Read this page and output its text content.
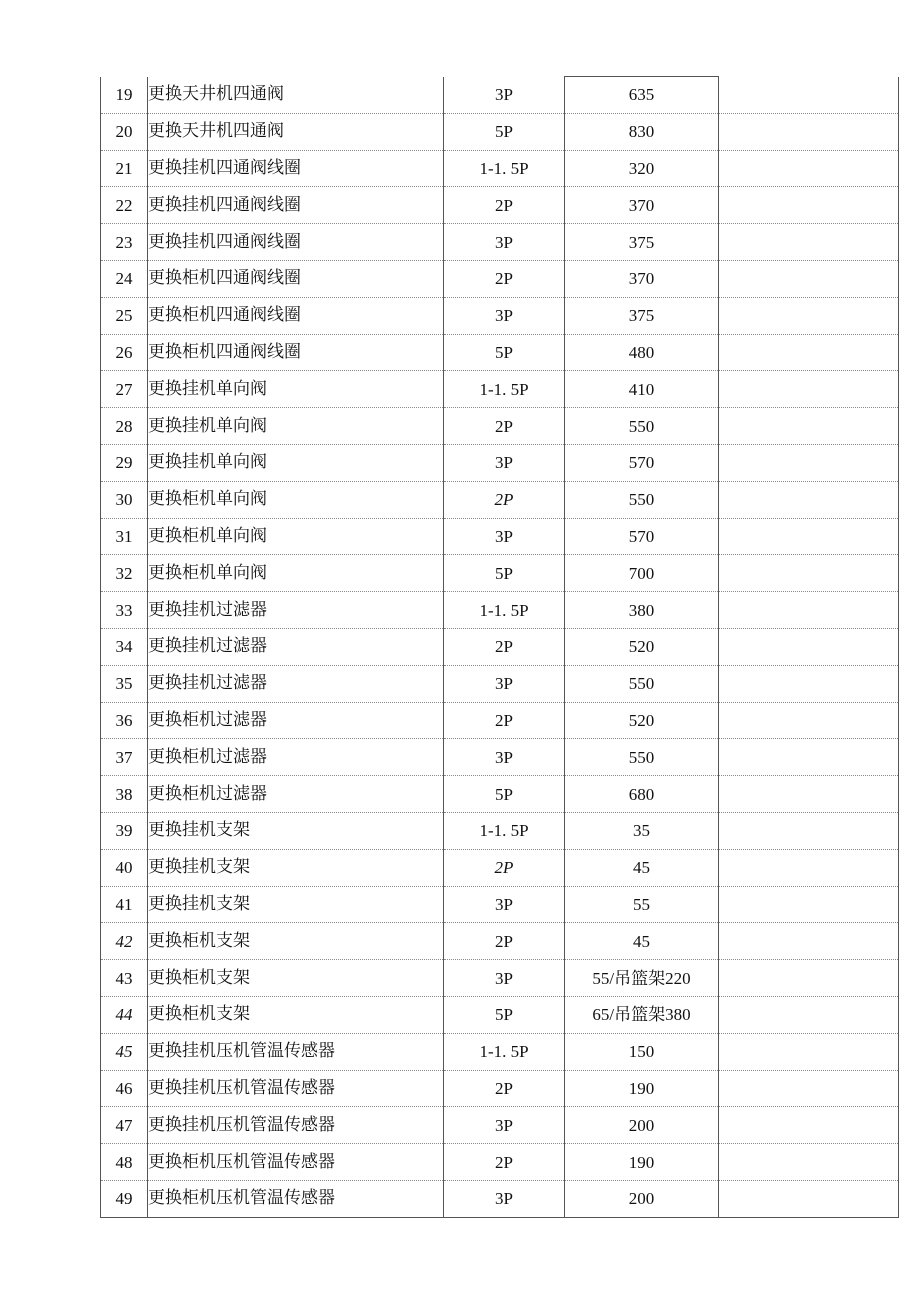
19	更换天井机四通阀	3P	635	
20	更换天井机四通阀	5P	830	
21	更换挂机四通阀线圈	1-1. 5P	320	
22	更换挂机四通阀线圈	2P	370	
23	更换挂机四通阀线圈	3P	375	
24	更换柜机四通阀线圈	2P	370	
25	更换柜机四通阀线圈	3P	375	
26	更换柜机四通阀线圈	5P	480	
27	更换挂机单向阀	1-1. 5P	410	
28	更换挂机单向阀	2P	550	
29	更换挂机单向阀	3P	570	
30	更换柜机单向阀	2P	550	
31	更换柜机单向阀	3P	570	
32	更换柜机单向阀	5P	700	
33	更换挂机过滤器	1-1. 5P	380	
34	更换挂机过滤器	2P	520	
35	更换挂机过滤器	3P	550	
36	更换柜机过滤器	2P	520	
37	更换柜机过滤器	3P	550	
38	更换柜机过滤器	5P	680	
39	更换挂机支架	1-1. 5P	35	
40	更换挂机支架	2P	45	
41	更换挂机支架	3P	55	
42	更换柜机支架	2P	45	
43	更换柜机支架	3P	55/吊篮架220	
44	更换柜机支架	5P	65/吊篮架380	
45	更换挂机压机管温传感器	1-1. 5P	150	
46	更换挂机压机管温传感器	2P	190	
47	更换挂机压机管温传感器	3P	200	
48	更换柜机压机管温传感器	2P	190	
49	更换柜机压机管温传感器	3P	200	
